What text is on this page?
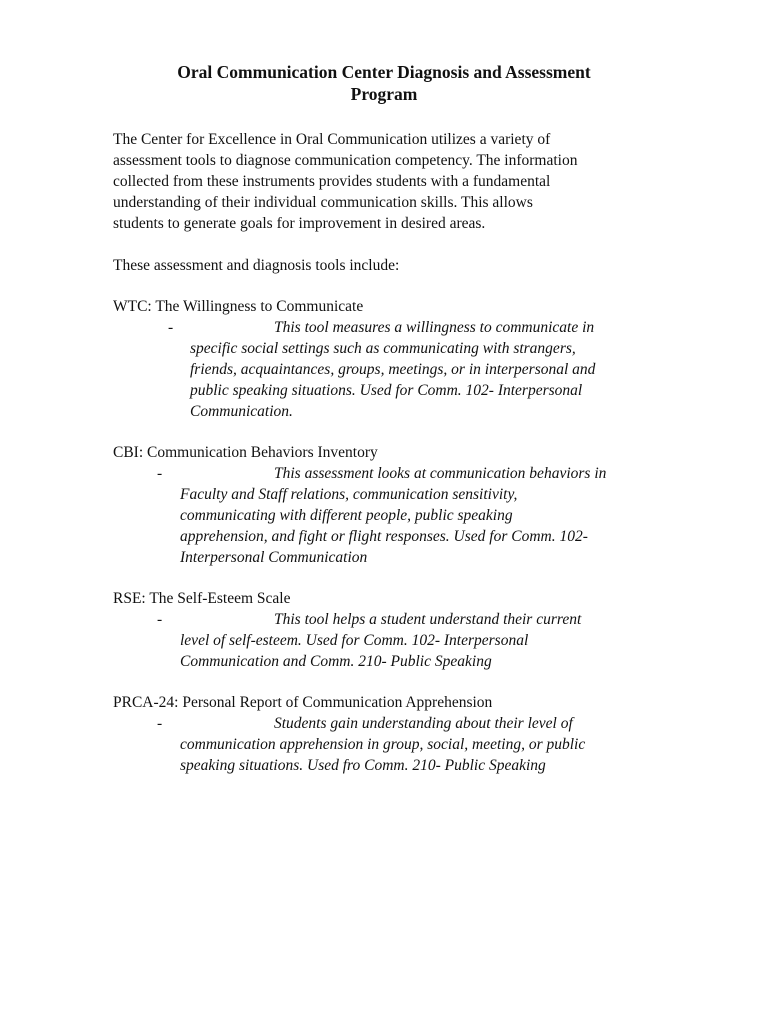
Oral Communication Center Diagnosis and Assessment
Program

The Center for Excellence in Oral Communication utilizes a variety of
assessment tools to diagnose communication competency. The information
collected from these instruments provides students with a fundamental
understanding of their individual communication skills. This allows
students to generate goals for improvement in desired areas.

These assessment and diagnosis tools include:

WTC: The Willingness to Communicate

-	This tool measures a willingness to communicate in
specific social settings such as communicating with strangers,
friends, acquaintances, groups, meetings, or in interpersonal and
public speaking situations. Used for Comm. 102- Interpersonal
Communication.

CBI: Communication Behaviors Inventory

-	This assessment looks at communication behaviors in
Faculty and Staff relations, communication sensitivity,
communicating with different people, public speaking
apprehension, and fight or flight responses. Used for Comm. 102-
Interpersonal Communication

RSE: The Self-Esteem Scale

-	This tool helps a student understand their current
level of self-esteem. Used for Comm. 102- Interpersonal
Communication and Comm. 210- Public Speaking

PRCA-24: Personal Report of Communication Apprehension

-	Students gain understanding about their level of
communication apprehension in group, social, meeting, or public
speaking situations. Used fro Comm. 210- Public Speaking
